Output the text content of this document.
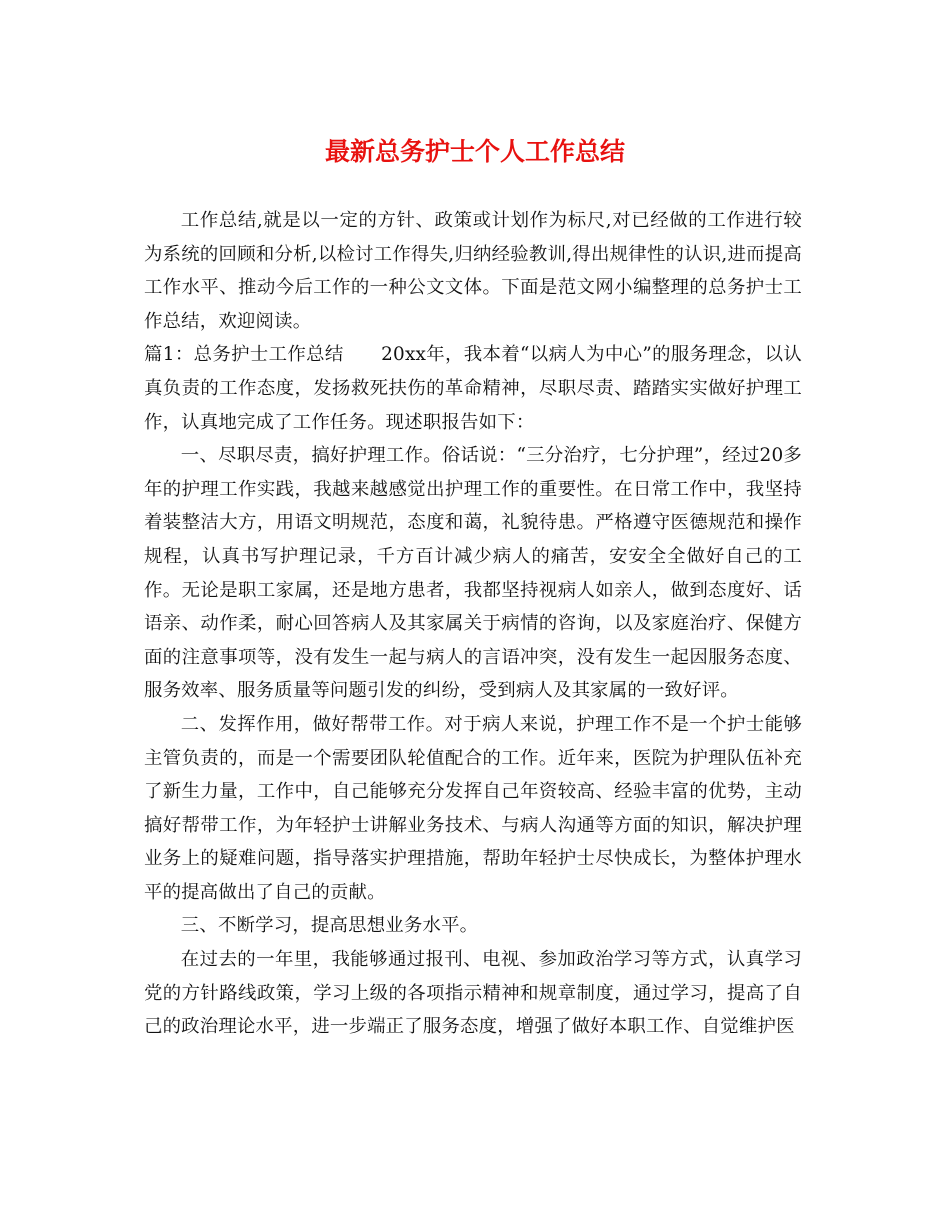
最新总务护士个人工作总结

工作总结,就是以一定的方针、政策或计划作为标尺,对已经做的工作进行较为系统的回顾和分析,以检讨工作得失,归纳经验教训,得出规律性的认识,进而提高工作水平、推动今后工作的一种公文文体。下面是范文网小编整理的总务护士工作总结，欢迎阅读。

篇1：总务护士工作总结　　20xx年，我本着“以病人为中心”的服务理念，以认真负责的工作态度，发扬救死扶伤的革命精神，尽职尽责、踏踏实实做好护理工作，认真地完成了工作任务。现述职报告如下：

一、尽职尽责，搞好护理工作。俗话说：“三分治疗，七分护理”，经过20多年的护理工作实践，我越来越感觉出护理工作的重要性。在日常工作中，我坚持着装整洁大方，用语文明规范，态度和蔼，礼貌待患。严格遵守医德规范和操作规程，认真书写护理记录，千方百计减少病人的痛苦，安安全全做好自己的工作。无论是职工家属，还是地方患者，我都坚持视病人如亲人，做到态度好、话语亲、动作柔，耐心回答病人及其家属关于病情的咨询，以及家庭治疗、保健方面的注意事项等，没有发生一起与病人的言语冲突，没有发生一起因服务态度、服务效率、服务质量等问题引发的纠纷，受到病人及其家属的一致好评。

二、发挥作用，做好帮带工作。对于病人来说，护理工作不是一个护士能够主管负责的，而是一个需要团队轮值配合的工作。近年来，医院为护理队伍补充了新生力量，工作中，自己能够充分发挥自己年资较高、经验丰富的优势，主动搞好帮带工作，为年轻护士讲解业务技术、与病人沟通等方面的知识，解决护理业务上的疑难问题，指导落实护理措施，帮助年轻护士尽快成长，为整体护理水平的提高做出了自己的贡献。

三、不断学习，提高思想业务水平。

在过去的一年里，我能够通过报刊、电视、参加政治学习等方式，认真学习党的方针路线政策，学习上级的各项指示精神和规章制度，通过学习，提高了自己的政治理论水平，进一步端正了服务态度，增强了做好本职工作、自觉维护医
